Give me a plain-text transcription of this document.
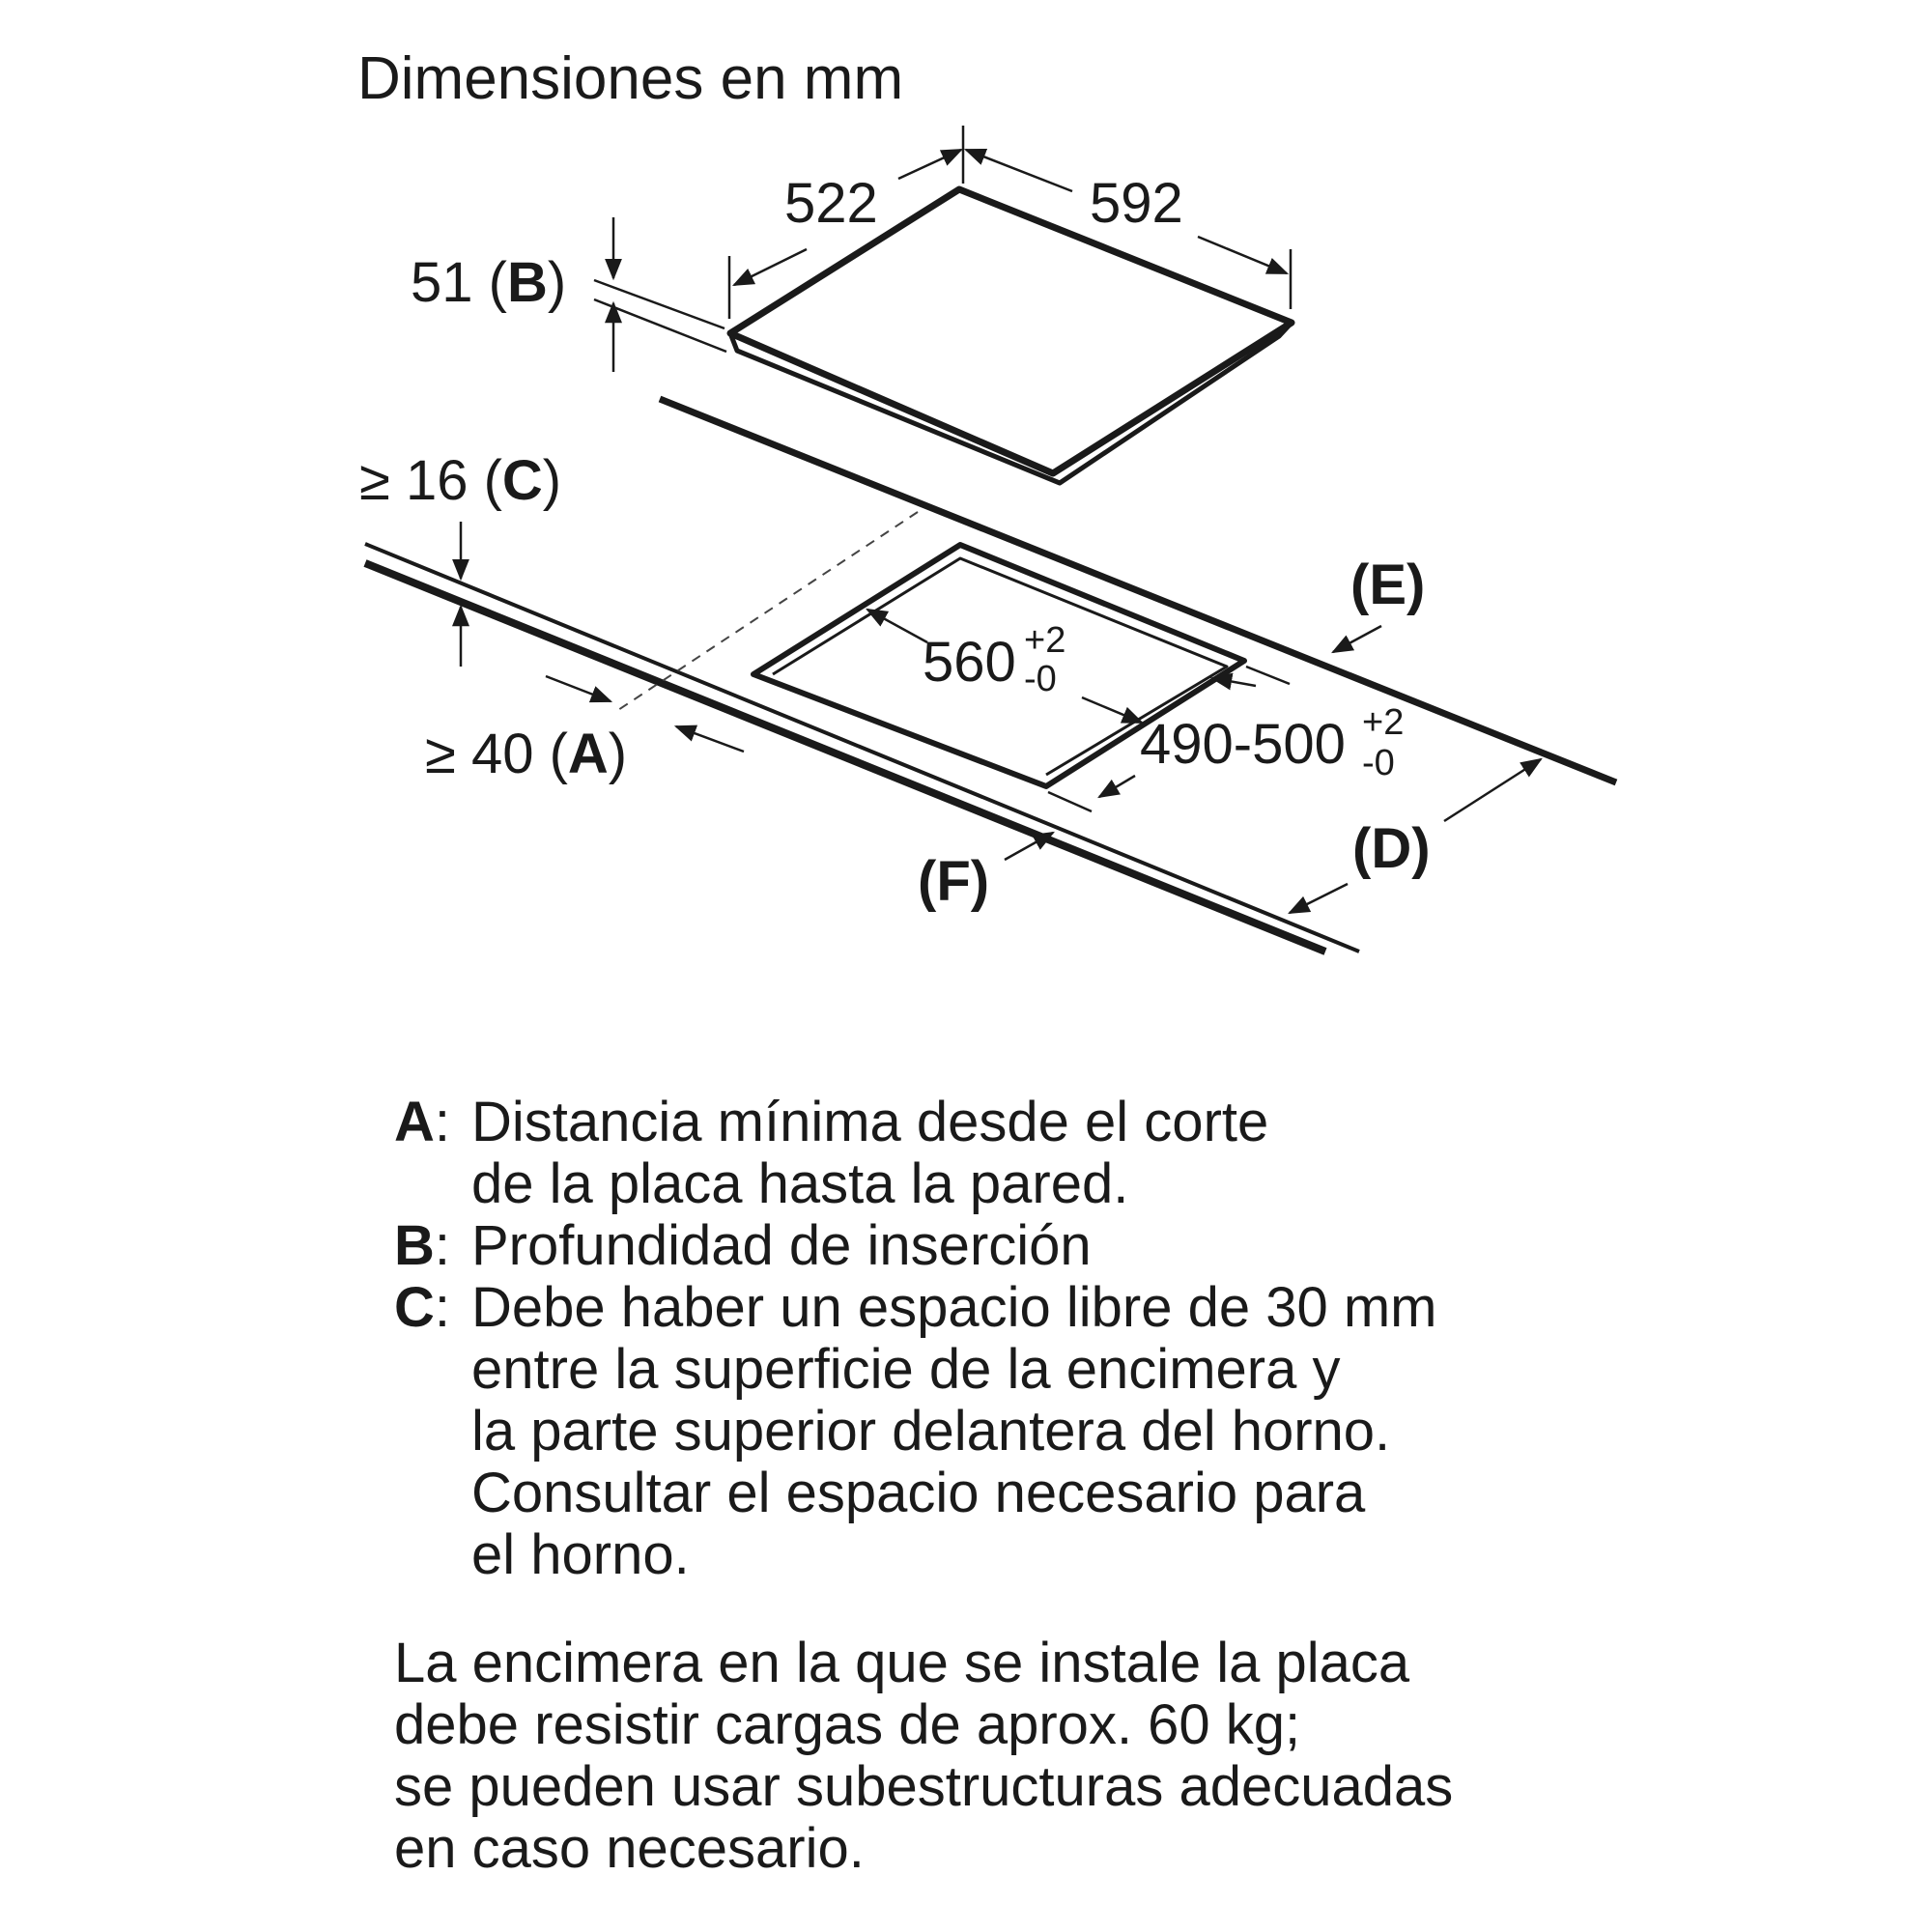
Dimensiones en mm
522	592
51 (B)
≥ 16 (C)
≥ 40 (A)
560 +2
-0
490-500 +2
-0
(E)
(D)
(F)
A: Distancia mínima desde el corte
de la placa hasta la pared.
B: Profundidad de inserción
C: Debe haber un espacio libre de 30 mm
entre la superficie de la encimera y
la parte superior delantera del horno.
Consultar el espacio necesario para
el horno.
La encimera en la que se instale la placa
debe resistir cargas de aprox. 60 kg;
se pueden usar subestructuras adecuadas
en caso necesario.
